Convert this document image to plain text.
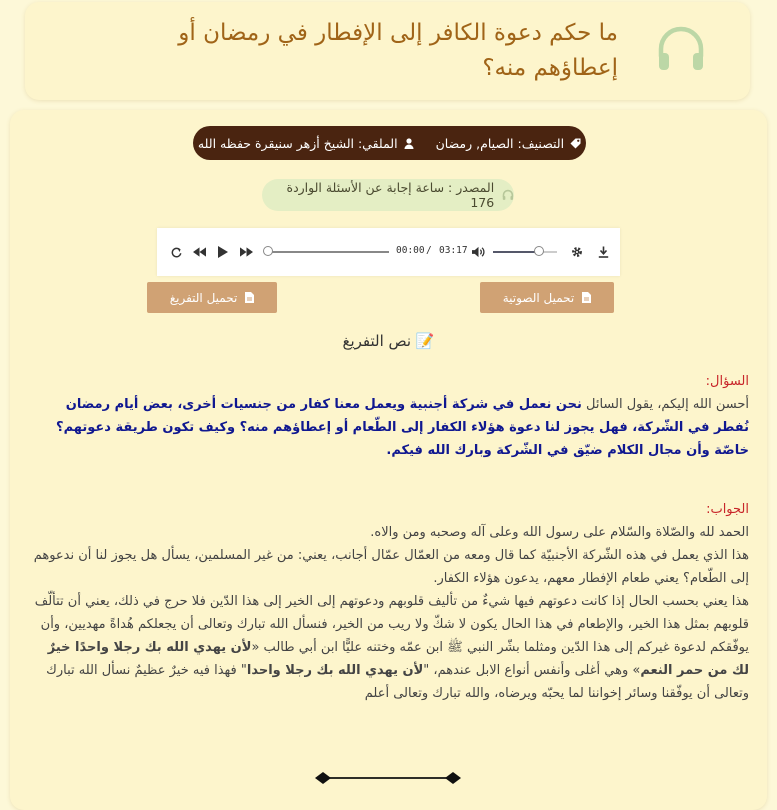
ما حكم دعوة الكافر إلى الإفطار في رمضان أو إعطاؤهم منه؟
التصنيف: الصيام, رمضان
الملقي: الشيخ أزهر سنيقرة حفظه الله
المصدر : ساعة إجابة عن الأسئلة الواردة 176
00:00 / 03:17
تحميل الصوتية
تحميل التفريغ
📝 نص التفريغ

السؤال:

أحسن الله إليكم، يقول السائل نحن نعمل في شركة أجنبية ويعمل معنا كفار من جنسيات أخرى، بعض أيام رمضان نُفطر في الشّركة، فهل يجوز لنا دعوة هؤلاء الكفار إلى الطّعام أو إعطاؤهم منه؟ وكيف تكون طريقة دعوتهم؟ خاصّة وأن مجال الكلام ضيّق في الشّركة وبارك الله فيكم.

الجواب:

الحمد لله والصّلاة والسّلام على رسول الله وعلى آله وصحبه ومن والاه.

هذا الذي يعمل في هذه الشّركة الأجنبيّة كما قال ومعه من العمّال عمّال أجانب، يعني: من غير المسلمين، يسأل هل يجوز لنا أن ندعوهم إلى الطّعام؟ يعني طعام الإفطار معهم، يدعون هؤلاء الكفار.

هذا يعني بحسب الحال إذا كانت دعوتهم فيها شيءٌ من تأليف قلوبهم ودعوتهم إلى الخير إلى هذا الدّين فلا حرج في ذلك، يعني أن تتألّف قلوبهم بمثل هذا الخير، والإطعام في هذا الحال يكون لا شكّ ولا ريب من الخير، فنسأل الله تبارك وتعالى أن يجعلكم هُداةً مهديين، وأن يوفّقكم لدعوة غيركم إلى هذا الدّين ومثلما بشّر النبي ﷺ ابن عمّه وختنه عليًّا ابن أبي طالب «لأن يهدي الله بك رجلا واحدًا خيرٌ لك من حمر النعم» وهي أغلى وأنفس أنواع الابل عندهم، "لأن يهدي الله بك رجلا واحدا" فهذا فيه خيرٌ عظيمٌ نسأل الله تبارك وتعالى أن يوفّقنا وسائر إخواننا لما يحبّه ويرضاه، والله تبارك وتعالى أعلم
